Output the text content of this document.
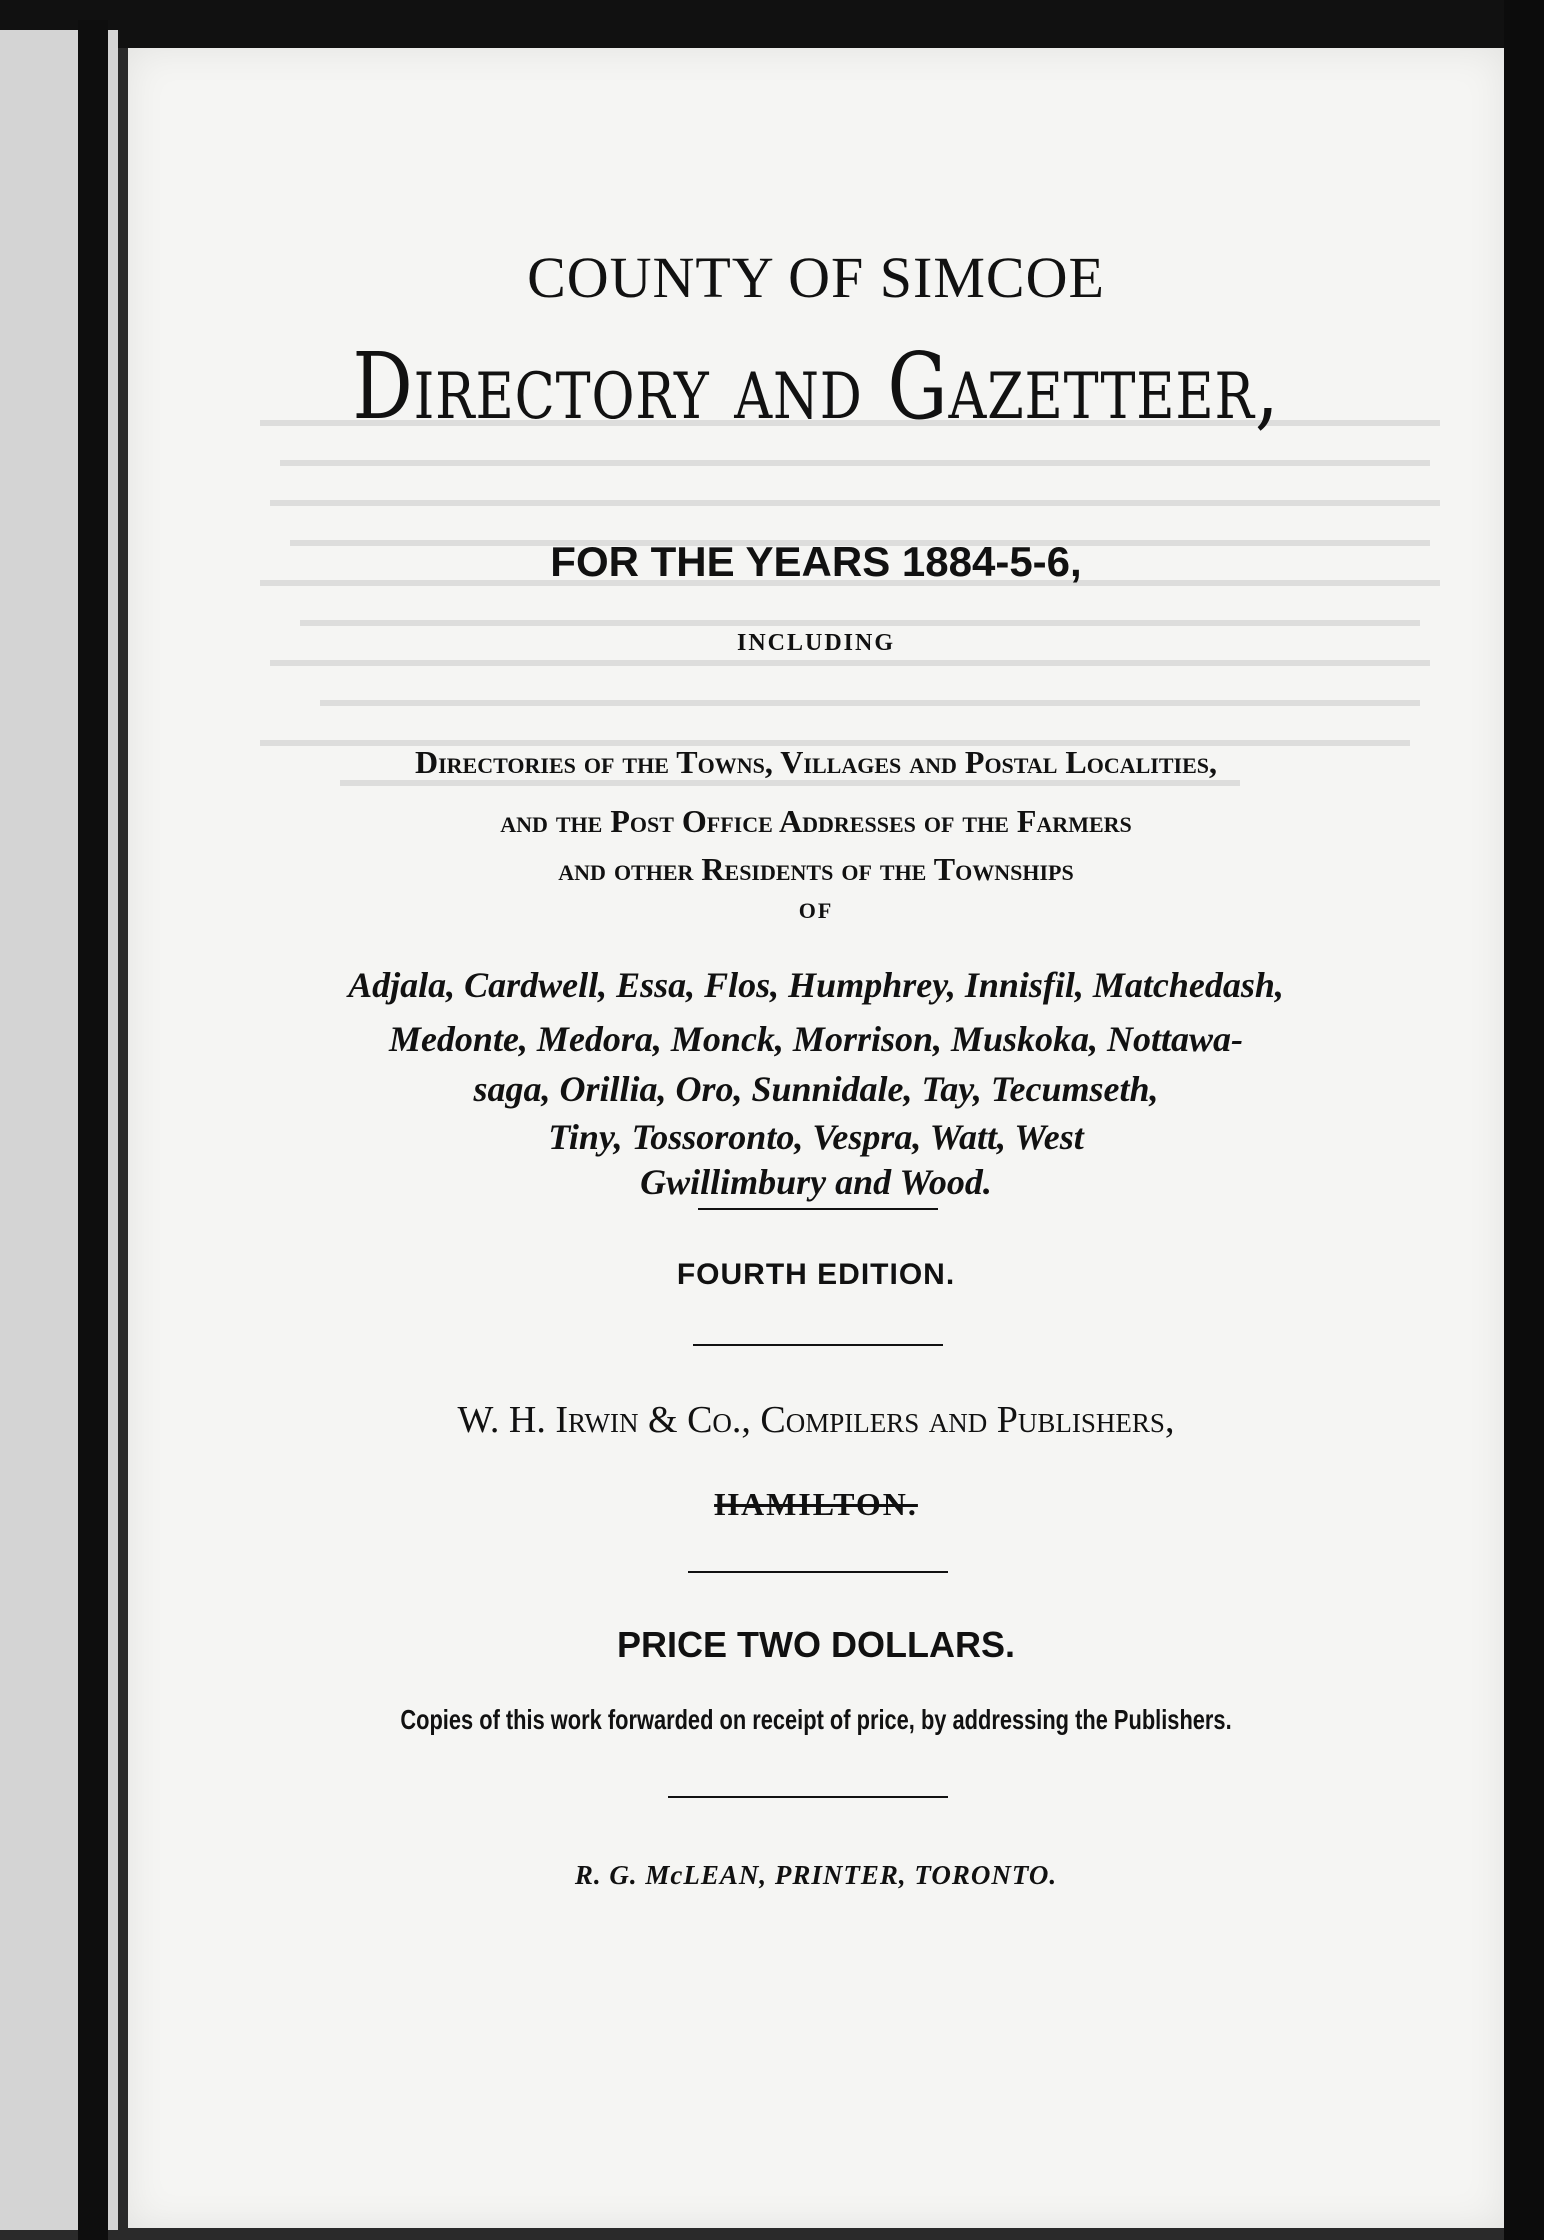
COUNTY OF SIMCOE
Directory and Gazetteer,
FOR THE YEARS 1884-5-6,
INCLUDING
Directories of the Towns, Villages and Postal Localities,
and the Post Office Addresses of the Farmers
and other Residents of the Townships
OF
Adjala, Cardwell, Essa, Flos, Humphrey, Innisfil, Matchedash,
Medonte, Medora, Monck, Morrison, Muskoka, Nottawa-
saga, Orillia, Oro, Sunnidale, Tay, Tecumseth,
Tiny, Tossoronto, Vespra, Watt, West
Gwillimbury and Wood.
FOURTH EDITION.
W. H. Irwin & Co., Compilers and Publishers,
HAMILTON.
PRICE TWO DOLLARS.
Copies of this work forwarded on receipt of price, by addressing the Publishers.
R. G. McLEAN, PRINTER, TORONTO.
